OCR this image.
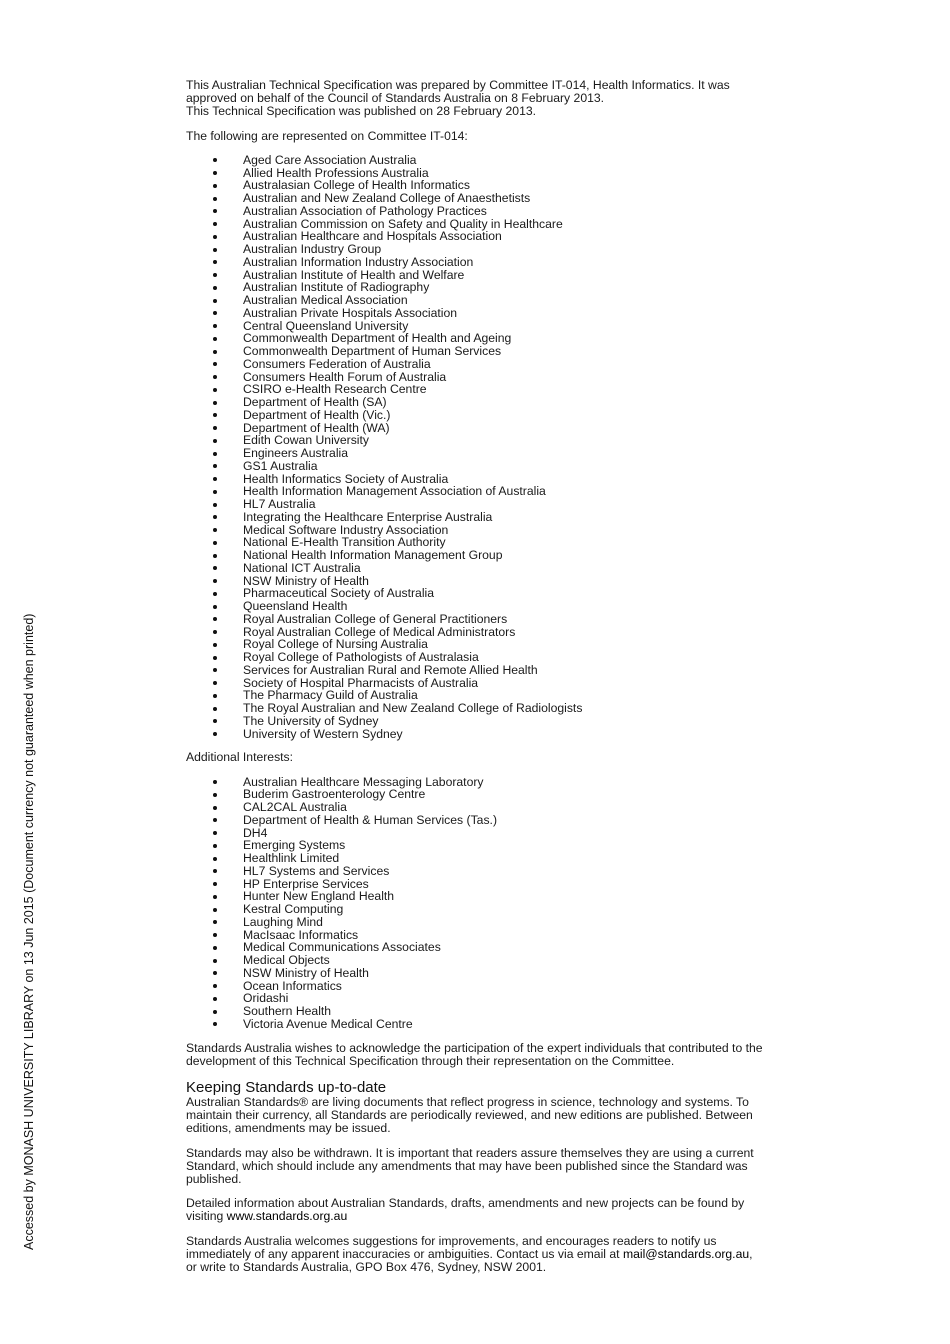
Accessed by MONASH UNIVERSITY LIBRARY on 13 Jun 2015 (Document currency not guaranteed when printed)

This Australian Technical Specification was prepared by Committee IT-014, Health Informatics. It was
approved on behalf of the Council of Standards Australia on 8 February 2013.
This Technical Specification was published on 28 February 2013.

The following are represented on Committee IT-014:

Aged Care Association Australia
Allied Health Professions Australia
Australasian College of Health Informatics
Australian and New Zealand College of Anaesthetists
Australian Association of Pathology Practices
Australian Commission on Safety and Quality in Healthcare
Australian Healthcare and Hospitals Association
Australian Industry Group
Australian Information Industry Association
Australian Institute of Health and Welfare
Australian Institute of Radiography
Australian Medical Association
Australian Private Hospitals Association
Central Queensland University
Commonwealth Department of Health and Ageing
Commonwealth Department of Human Services
Consumers Federation of Australia
Consumers Health Forum of Australia
CSIRO e-Health Research Centre
Department of Health (SA)
Department of Health (Vic.)
Department of Health (WA)
Edith Cowan University
Engineers Australia
GS1 Australia
Health Informatics Society of Australia
Health Information Management Association of Australia
HL7 Australia
Integrating the Healthcare Enterprise Australia
Medical Software Industry Association
National E-Health Transition Authority
National Health Information Management Group
National ICT Australia
NSW Ministry of Health
Pharmaceutical Society of Australia
Queensland Health
Royal Australian College of General Practitioners
Royal Australian College of Medical Administrators
Royal College of Nursing Australia
Royal College of Pathologists of Australasia
Services for Australian Rural and Remote Allied Health
Society of Hospital Pharmacists of Australia
The Pharmacy Guild of Australia
The Royal Australian and New Zealand College of Radiologists
The University of Sydney
University of Western Sydney

Additional Interests:

Australian Healthcare Messaging Laboratory
Buderim Gastroenterology Centre
CAL2CAL Australia
Department of Health & Human Services (Tas.)
DH4
Emerging Systems
Healthlink Limited
HL7 Systems and Services
HP Enterprise Services
Hunter New England Health
Kestral Computing
Laughing Mind
MacIsaac Informatics
Medical Communications Associates
Medical Objects
NSW Ministry of Health
Ocean Informatics
Oridashi
Southern Health
Victoria Avenue Medical Centre

Standards Australia wishes to acknowledge the participation of the expert individuals that contributed to the development of this Technical Specification through their representation on the Committee.

Keeping Standards up-to-date

Australian Standards® are living documents that reflect progress in science, technology and systems. To maintain their currency, all Standards are periodically reviewed, and new editions are published. Between editions, amendments may be issued.

Standards may also be withdrawn. It is important that readers assure themselves they are using a current Standard, which should include any amendments that may have been published since the Standard was published.

Detailed information about Australian Standards, drafts, amendments and new projects can be found by visiting www.standards.org.au

Standards Australia welcomes suggestions for improvements, and encourages readers to notify us immediately of any apparent inaccuracies or ambiguities. Contact us via email at mail@standards.org.au, or write to Standards Australia, GPO Box 476, Sydney, NSW 2001.
